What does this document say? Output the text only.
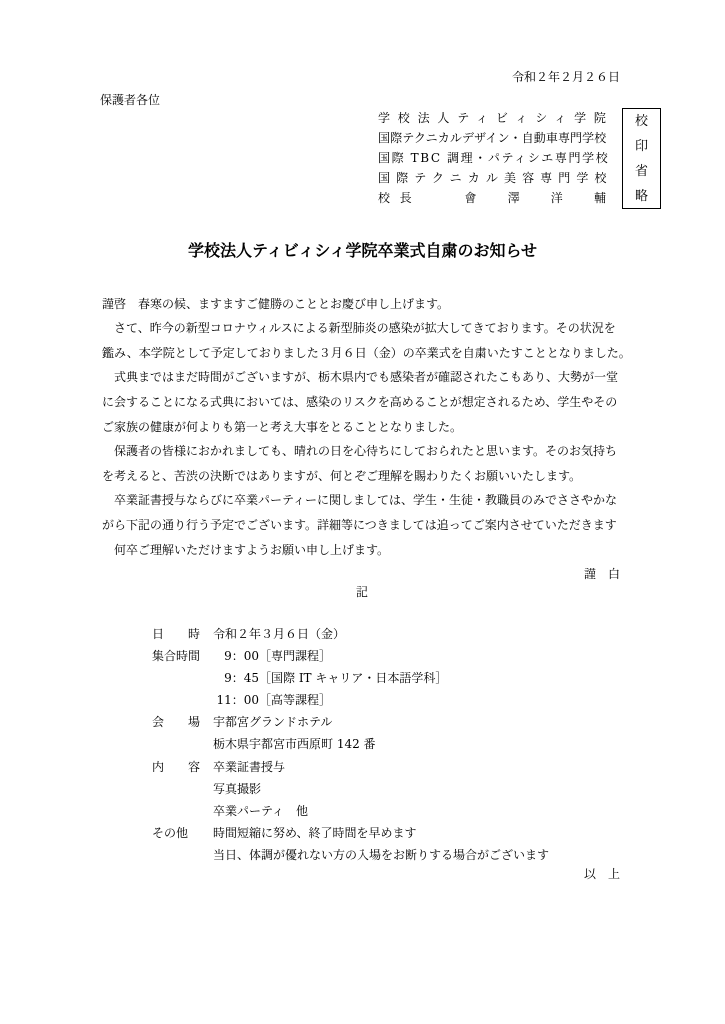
令和２年２月２６日
保護者各位
学校法人ティビィシィ学院
国際テクニカルデザイン・自動車専門学校
国際 TBC 調理・パティシエ専門学校
国際テクニカル美容専門学校
校長　　會　澤　洋　輔
校印省略
学校法人ティビィシィ学院卒業式自粛のお知らせ
謹啓　春寒の候、ますますご健勝のこととお慶び申し上げます。
　さて、昨今の新型コロナウィルスによる新型肺炎の感染が拡大してきております。その状況を
鑑み、本学院として予定しておりました３月６日（金）の卒業式を自粛いたすこととなりました。
　式典まではまだ時間がございますが、栃木県内でも感染者が確認されたこもあり、大勢が一堂
に会することになる式典においては、感染のリスクを高めることが想定されるため、学生やその
ご家族の健康が何よりも第一と考え大事をとることとなりました。
　保護者の皆様におかれましても、晴れの日を心待ちにしておられたと思います。そのお気持ち
を考えると、苦渋の決断ではありますが、何とぞご理解を賜わりたくお願いいたします。
　卒業証書授与ならびに卒業パーティーに関しましては、学生・生徒・教職員のみでささやかな
がら下記の通り行う予定でございます。詳細等につきましては追ってご案内させていただきます
　何卒ご理解いただけますようお願い申し上げます。
謹　白
記
日　　時 令和２年３月６日（金）
集合時間	9：00［専門課程］
9：45［国際 IT キャリア・日本語学科］
11：00［高等課程］
会　　場 宇都宮グランドホテル
栃木県宇都宮市西原町 142 番
内　　容 卒業証書授与
写真撮影
卒業パーティ　他
その他 時間短縮に努め、終了時間を早めます
当日、体調が優れない方の入場をお断りする場合がございます
以　上
